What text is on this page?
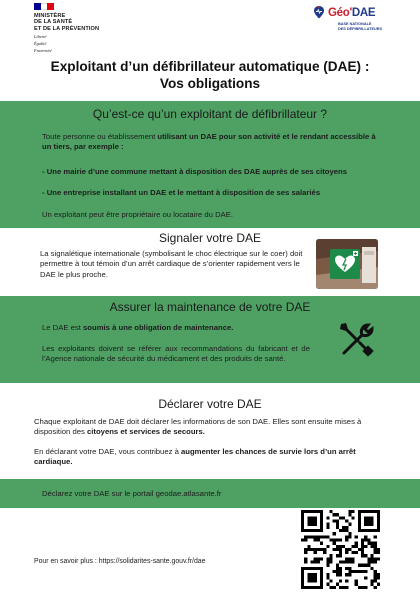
MINISTÈRE
DE LA SANTÉ
ET DE LA PRÉVENTION
Liberté
Égalité
Fraternité
Géo'DAE
BASE NATIONALE
DES DÉFIBRILLATEURS
Exploitant d’un défibrillateur automatique (DAE) :
Vos obligations
Qu’est-ce qu’un exploitant de défibrillateur ?
Toute personne ou établissement utilisant un DAE pour son activité et le rendant accessible à un tiers, par exemple :
- Une mairie d’une commune mettant à disposition des DAE auprès de ses citoyens
- Une entreprise installant un DAE et le mettant à disposition de ses salariés
Un exploitant peut être propriétaire ou locataire du DAE.
Signaler votre DAE
La signalétique internationale (symbolisant le choc électrique sur le coer) doit permettre à tout témoin d’un arrêt cardiaque de s’orienter rapidement vers le DAE le plus proche.
Assurer la maintenance de votre DAE
Le DAE est soumis à une obligation de maintenance.
Les exploitants doivent se référer aux recommandations du fabricant et de l’Agence nationale de sécurité du médicament et des produits de santé.
Déclarer votre DAE
Chaque exploitant de DAE doit déclarer les informations de son DAE. Elles sont ensuite mises à disposition des citoyens et services de secours.
En déclarant votre DAE, vous contribuez à augmenter les chances de survie lors d’un arrêt cardiaque.
Déclarez votre DAE sur le portail geodae.atlasante.fr
Pour en savoir plus : https://solidarites-sante.gouv.fr/dae
